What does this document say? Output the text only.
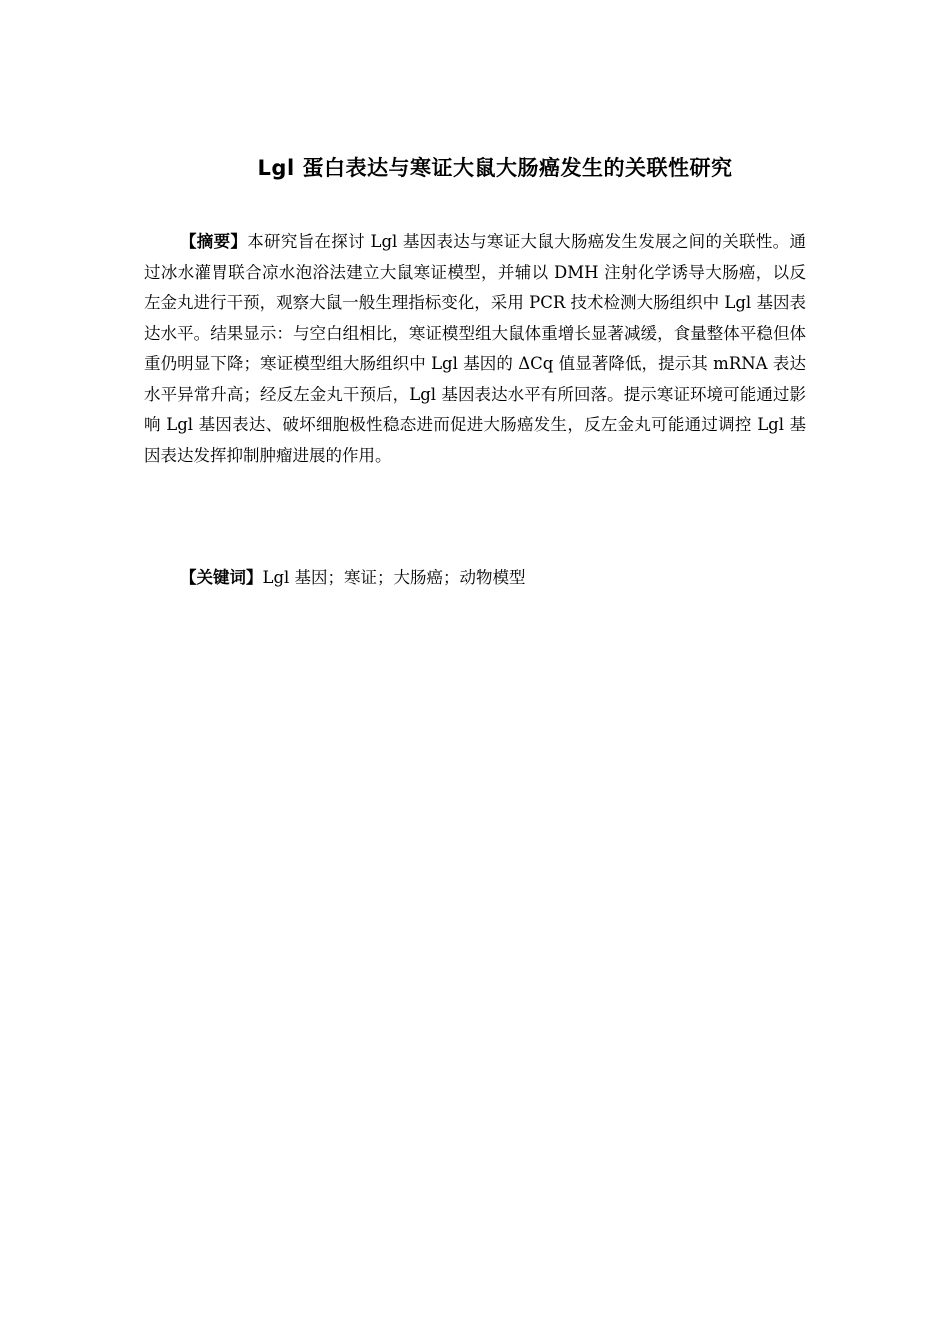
Lgl 蛋白表达与寒证大鼠大肠癌发生的关联性研究

【摘要】本研究旨在探讨 Lgl 基因表达与寒证大鼠大肠癌发生发展之间的关联性。通过冰水灌胃联合凉水泡浴法建立大鼠寒证模型，并辅以 DMH 注射化学诱导大肠癌，以反左金丸进行干预，观察大鼠一般生理指标变化，采用 PCR 技术检测大肠组织中 Lgl 基因表达水平。结果显示：与空白组相比，寒证模型组大鼠体重增长显著减缓，食量整体平稳但体重仍明显下降；寒证模型组大肠组织中 Lgl 基因的 ΔCq 值显著降低，提示其 mRNA 表达水平异常升高；经反左金丸干预后，Lgl 基因表达水平有所回落。提示寒证环境可能通过影响 Lgl 基因表达、破坏细胞极性稳态进而促进大肠癌发生，反左金丸可能通过调控 Lgl 基因表达发挥抑制肿瘤进展的作用。

【关键词】Lgl 基因；寒证；大肠癌；动物模型
